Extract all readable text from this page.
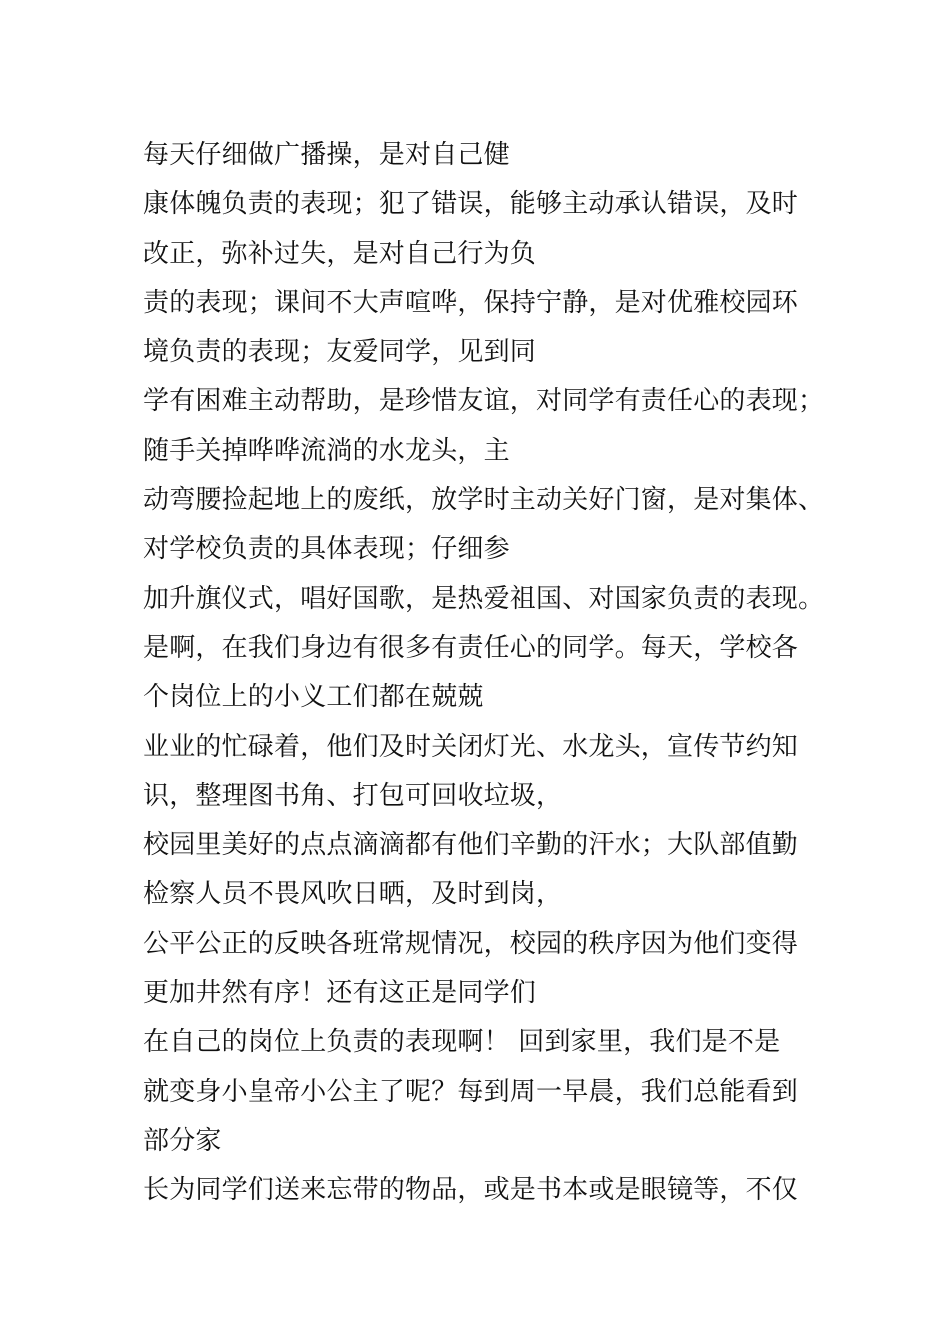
每天仔细做广播操，是对自己健
康体魄负责的表现；犯了错误，能够主动承认错误，及时
改正，弥补过失，是对自己行为负
责的表现；课间不大声喧哗，保持宁静，是对优雅校园环
境负责的表现；友爱同学，见到同
学有困难主动帮助，是珍惜友谊，对同学有责任心的表现；
随手关掉哗哗流淌的水龙头，主
动弯腰捡起地上的废纸，放学时主动关好门窗，是对集体、
对学校负责的具体表现；仔细参
加升旗仪式，唱好国歌，是热爱祖国、对国家负责的表现。
是啊，在我们身边有很多有责任心的同学。每天，学校各
个岗位上的小义工们都在兢兢
业业的忙碌着，他们及时关闭灯光、水龙头，宣传节约知
识，整理图书角、打包可回收垃圾，
校园里美好的点点滴滴都有他们辛勤的汗水；大队部值勤
检察人员不畏风吹日晒，及时到岗，
公平公正的反映各班常规情况，校园的秩序因为他们变得
更加井然有序！还有这正是同学们
在自己的岗位上负责的表现啊！ 回到家里，我们是不是
就变身小皇帝小公主了呢？每到周一早晨，我们总能看到
部分家
长为同学们送来忘带的物品，或是书本或是眼镜等，不仅
